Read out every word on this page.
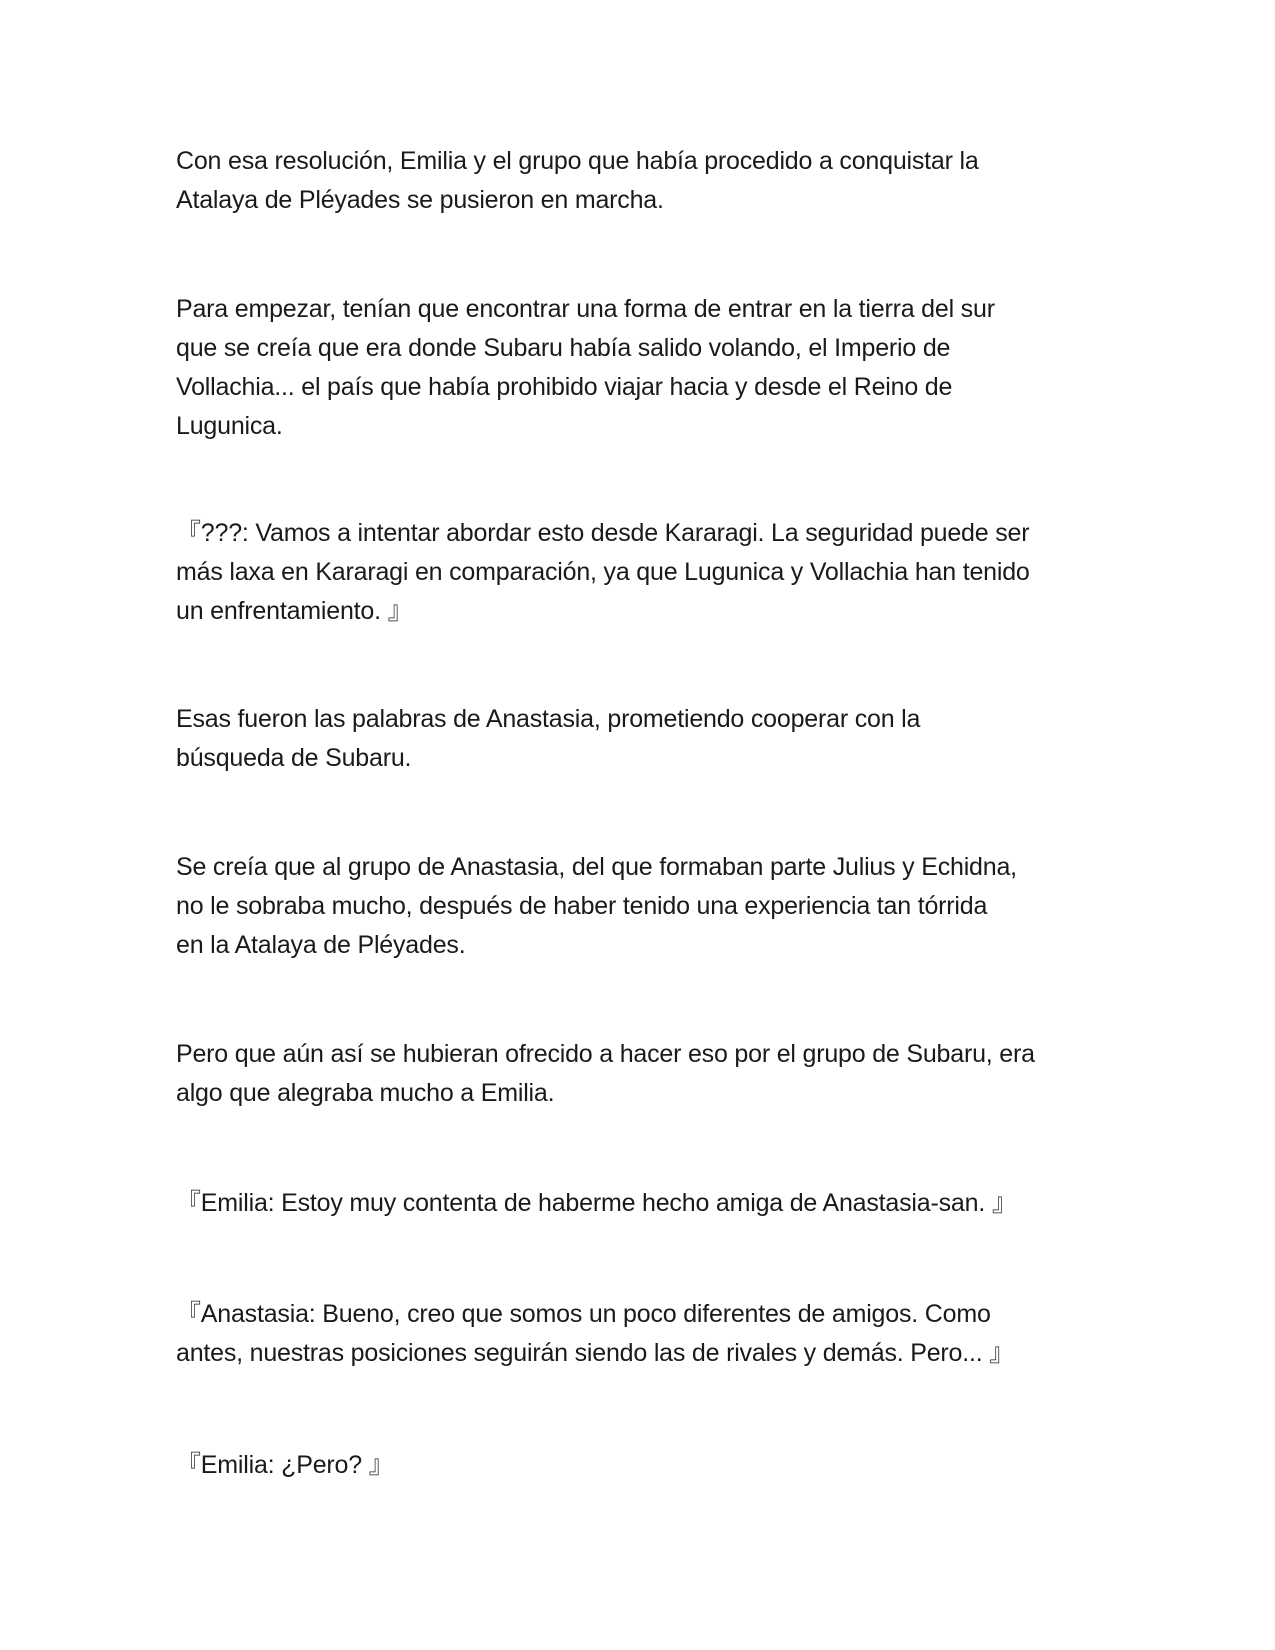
Con esa resolución, Emilia y el grupo que había procedido a conquistar la
Atalaya de Pléyades se pusieron en marcha.

Para empezar, tenían que encontrar una forma de entrar en la tierra del sur
que se creía que era donde Subaru había salido volando, el Imperio de
Vollachia... el país que había prohibido viajar hacia y desde el Reino de
Lugunica.

『???: Vamos a intentar abordar esto desde Kararagi. La seguridad puede ser
más laxa en Kararagi en comparación, ya que Lugunica y Vollachia han tenido
un enfrentamiento. 』

Esas fueron las palabras de Anastasia, prometiendo cooperar con la
búsqueda de Subaru.

Se creía que al grupo de Anastasia, del que formaban parte Julius y Echidna,
no le sobraba mucho, después de haber tenido una experiencia tan tórrida
en la Atalaya de Pléyades.

Pero que aún así se hubieran ofrecido a hacer eso por el grupo de Subaru, era
algo que alegraba mucho a Emilia.

『Emilia: Estoy muy contenta de haberme hecho amiga de Anastasia-san. 』

『Anastasia: Bueno, creo que somos un poco diferentes de amigos. Como
antes, nuestras posiciones seguirán siendo las de rivales y demás. Pero... 』

『Emilia: ¿Pero? 』
